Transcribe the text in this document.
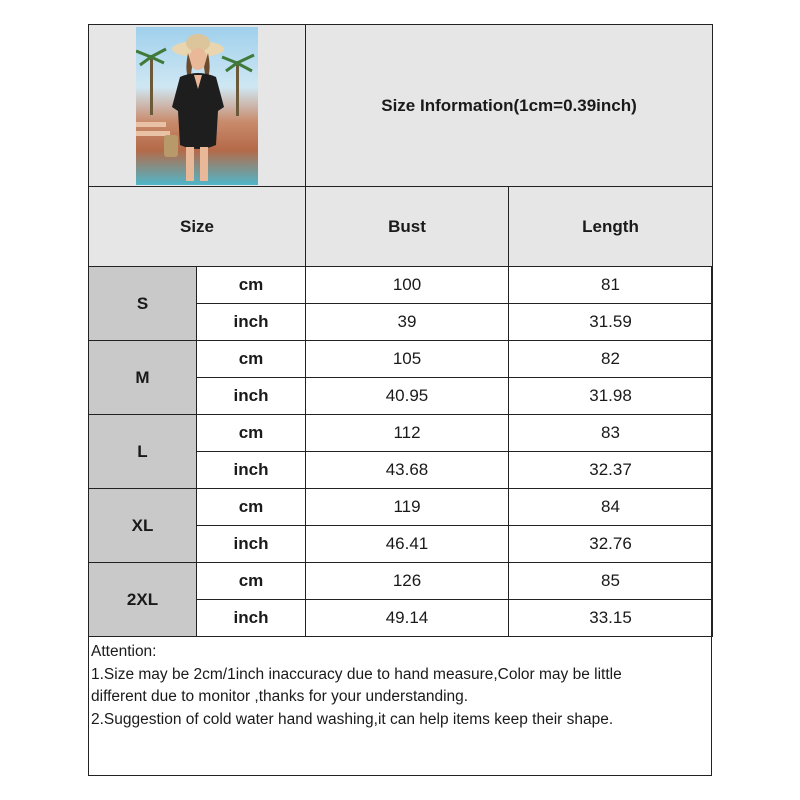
	Size Information(1cm=0.39inch)	
Size		Bust	Length
S	cm	100	81
	inch	39	31.59
M	cm	105	82
	inch	40.95	31.98
L	cm	112	83
	inch	43.68	32.37
XL	cm	119	84
	inch	46.41	32.76
2XL	cm	126	85
	inch	49.14	33.15
Attention:
1.Size may be 2cm/1inch inaccuracy due to hand measure,Color may be little
different due to monitor ,thanks for your understanding.
2.Suggestion of cold water hand washing,it can help items keep their shape.
